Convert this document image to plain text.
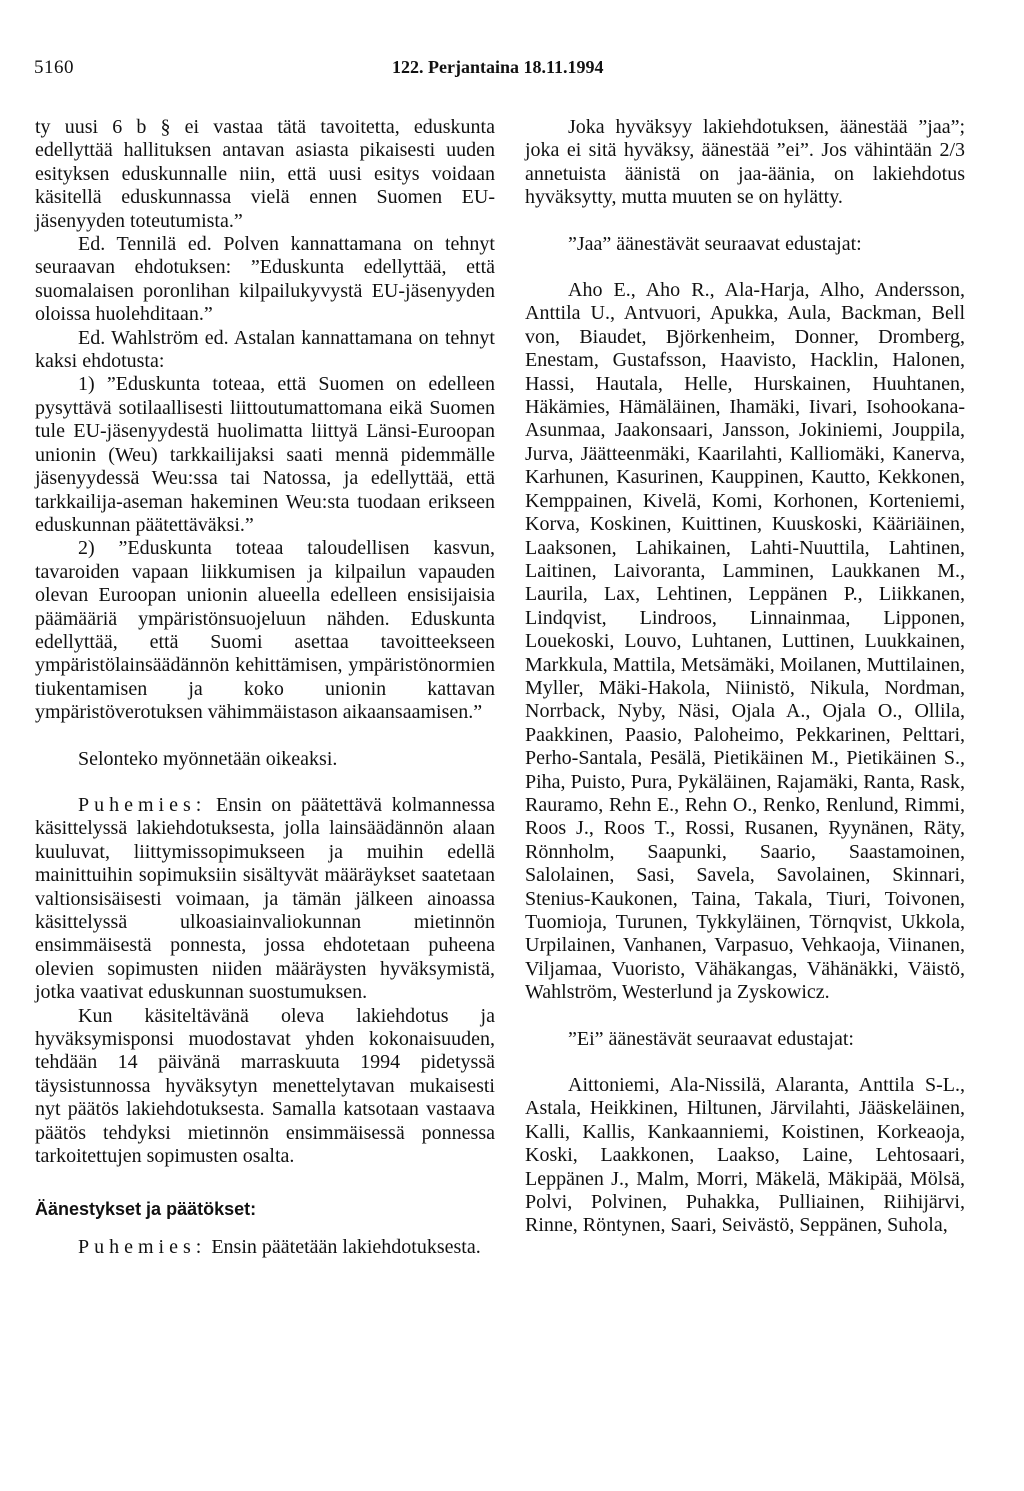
5160	122. Perjantaina 18.11.1994

ty uusi 6 b § ei vastaa tätä tavoitetta, eduskunta edellyttää hallituksen antavan asiasta pikaisesti uuden esityksen eduskunnalle niin, että uusi esitys voidaan käsitellä eduskunnassa vielä ennen Suomen EU-jäsenyyden toteutumista.”

Ed. Tennilä ed. Polven kannattamana on tehnyt seuraavan ehdotuksen: ”Eduskunta edellyttää, että suomalaisen poronlihan kilpailukyvystä EU-jäsenyyden oloissa huolehditaan.”

Ed. Wahlström ed. Astalan kannattamana on tehnyt kaksi ehdotusta:

1) ”Eduskunta toteaa, että Suomen on edelleen pysyttävä sotilaallisesti liittoutumattomana eikä Suomen tule EU-jäsenyydestä huolimatta liittyä Länsi-Euroopan unionin (Weu) tarkkailijaksi saati mennä pidemmälle jäsenyydessä Weu:ssa tai Natossa, ja edellyttää, että tarkkailija-aseman hakeminen Weu:sta tuodaan erikseen eduskunnan päätettäväksi.”

2) ”Eduskunta toteaa taloudellisen kasvun, tavaroiden vapaan liikkumisen ja kilpailun vapauden olevan Euroopan unionin alueella edelleen ensisijaisia päämääriä ympäristönsuojeluun nähden. Eduskunta edellyttää, että Suomi asettaa tavoitteekseen ympäristölainsäädännön kehittämisen, ympäristönormien tiukentamisen ja koko unionin kattavan ympäristöverotuksen vähimmäistason aikaansaamisen.”

Selonteko myönnetään oikeaksi.

Puhemies: Ensin on päätettävä kolmannessa käsittelyssä lakiehdotuksesta, jolla lainsäädännön alaan kuuluvat, liittymissopimukseen ja muihin edellä mainittuihin sopimuksiin sisältyvät määräykset saatetaan valtionsisäisesti voimaan, ja tämän jälkeen ainoassa käsittelyssä ulkoasiainvaliokunnan mietinnön ensimmäisestä ponnesta, jossa ehdotetaan puheena olevien sopimusten niiden määräysten hyväksymistä, jotka vaativat eduskunnan suostumuksen.

Kun käsiteltävänä oleva lakiehdotus ja hyväksymisponsi muodostavat yhden kokonaisuuden, tehdään 14 päivänä marraskuuta 1994 pidetyssä täysistunnossa hyväksytyn menettelytavan mukaisesti nyt päätös lakiehdotuksesta. Samalla katsotaan vastaava päätös tehdyksi mietinnön ensimmäisessä ponnessa tarkoitettujen sopimusten osalta.

Äänestykset ja päätökset:

Puhemies: Ensin päätetään lakiehdotuksesta.

Joka hyväksyy lakiehdotuksen, äänestää ”jaa”; joka ei sitä hyväksy, äänestää ”ei”. Jos vähintään 2/3 annetuista äänistä on jaa-äänia, on lakiehdotus hyväksytty, mutta muuten se on hylätty.

”Jaa” äänestävät seuraavat edustajat:

Aho E., Aho R., Ala-Harja, Alho, Andersson, Anttila U., Antvuori, Apukka, Aula, Backman, Bell von, Biaudet, Björkenheim, Donner, Dromberg, Enestam, Gustafsson, Haavisto, Hacklin, Halonen, Hassi, Hautala, Helle, Hurskainen, Huuhtanen, Häkämies, Hämäläinen, Ihamäki, Iivari, Isohookana-Asunmaa, Jaakonsaari, Jansson, Jokiniemi, Jouppila, Jurva, Jäätteenmäki, Kaarilahti, Kalliomäki, Kanerva, Karhunen, Kasurinen, Kauppinen, Kautto, Kekkonen, Kemppainen, Kivelä, Komi, Korhonen, Korteniemi, Korva, Koskinen, Kuittinen, Kuuskoski, Kääriäinen, Laaksonen, Lahikainen, Lahti-Nuuttila, Lahtinen, Laitinen, Laivoranta, Lamminen, Laukkanen M., Laurila, Lax, Lehtinen, Leppänen P., Liikkanen, Lindqvist, Lindroos, Linnainmaa, Lipponen, Louekoski, Louvo, Luhtanen, Luttinen, Luukkainen, Markkula, Mattila, Metsämäki, Moilanen, Muttilainen, Myller, Mäki-Hakola, Niinistö, Nikula, Nordman, Norrback, Nyby, Näsi, Ojala A., Ojala O., Ollila, Paakkinen, Paasio, Paloheimo, Pekkarinen, Pelttari, Perho-Santala, Pesälä, Pietikäinen M., Pietikäinen S., Piha, Puisto, Pura, Pykäläinen, Rajamäki, Ranta, Rask, Rauramo, Rehn E., Rehn O., Renko, Renlund, Rimmi, Roos J., Roos T., Rossi, Rusanen, Ryynänen, Räty, Rönnholm, Saapunki, Saario, Saastamoinen, Salolainen, Sasi, Savela, Savolainen, Skinnari, Stenius-Kaukonen, Taina, Takala, Tiuri, Toivonen, Tuomioja, Turunen, Tykkyläinen, Törnqvist, Ukkola, Urpilainen, Vanhanen, Varpasuo, Vehkaoja, Viinanen, Viljamaa, Vuoristo, Vähäkangas, Vähänäkki, Väistö, Wahlström, Westerlund ja Zyskowicz.

”Ei” äänestävät seuraavat edustajat:

Aittoniemi, Ala-Nissilä, Alaranta, Anttila S-L., Astala, Heikkinen, Hiltunen, Järvilahti, Jääskeläinen, Kalli, Kallis, Kankaanniemi, Koistinen, Korkeaoja, Koski, Laakkonen, Laakso, Laine, Lehtosaari, Leppänen J., Malm, Morri, Mäkelä, Mäkipää, Mölsä, Polvi, Polvinen, Puhakka, Pulliainen, Riihijärvi, Rinne, Röntynen, Saari, Seivästö, Seppänen, Suhola,
